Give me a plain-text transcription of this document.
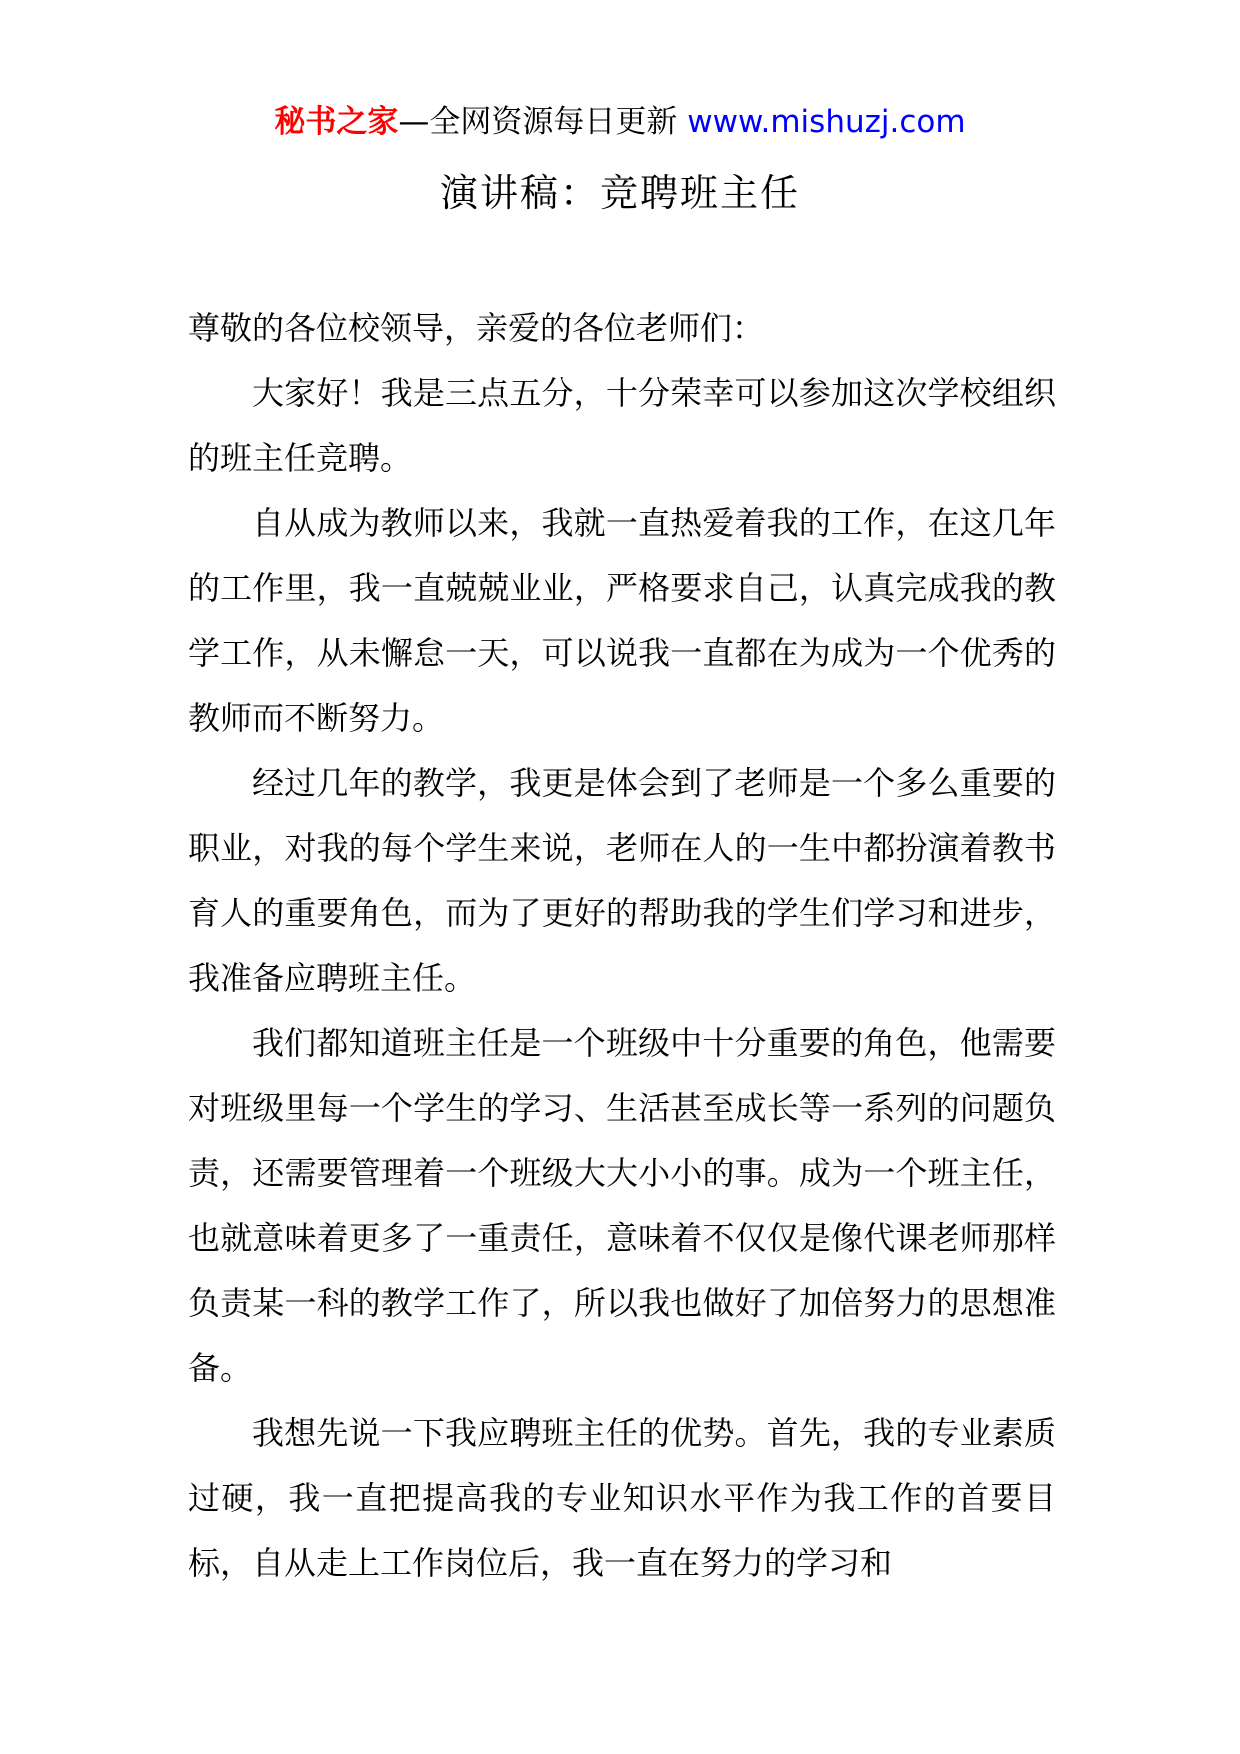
秘书之家—全网资源每日更新 www.mishuzj.com
演讲稿：竞聘班主任

尊敬的各位校领导，亲爱的各位老师们：

大家好！我是三点五分，十分荣幸可以参加这次学校组织的班主任竞聘。

自从成为教师以来，我就一直热爱着我的工作，在这几年的工作里，我一直兢兢业业，严格要求自己，认真完成我的教学工作，从未懈怠一天，可以说我一直都在为成为一个优秀的教师而不断努力。

经过几年的教学，我更是体会到了老师是一个多么重要的职业，对我的每个学生来说，老师在人的一生中都扮演着教书育人的重要角色，而为了更好的帮助我的学生们学习和进步，我准备应聘班主任。

我们都知道班主任是一个班级中十分重要的角色，他需要对班级里每一个学生的学习、生活甚至成长等一系列的问题负责，还需要管理着一个班级大大小小的事。成为一个班主任，也就意味着更多了一重责任，意味着不仅仅是像代课老师那样负责某一科的教学工作了，所以我也做好了加倍努力的思想准备。

我想先说一下我应聘班主任的优势。首先，我的专业素质过硬，我一直把提高我的专业知识水平作为我工作的首要目标，自从走上工作岗位后，我一直在努力的学习和
